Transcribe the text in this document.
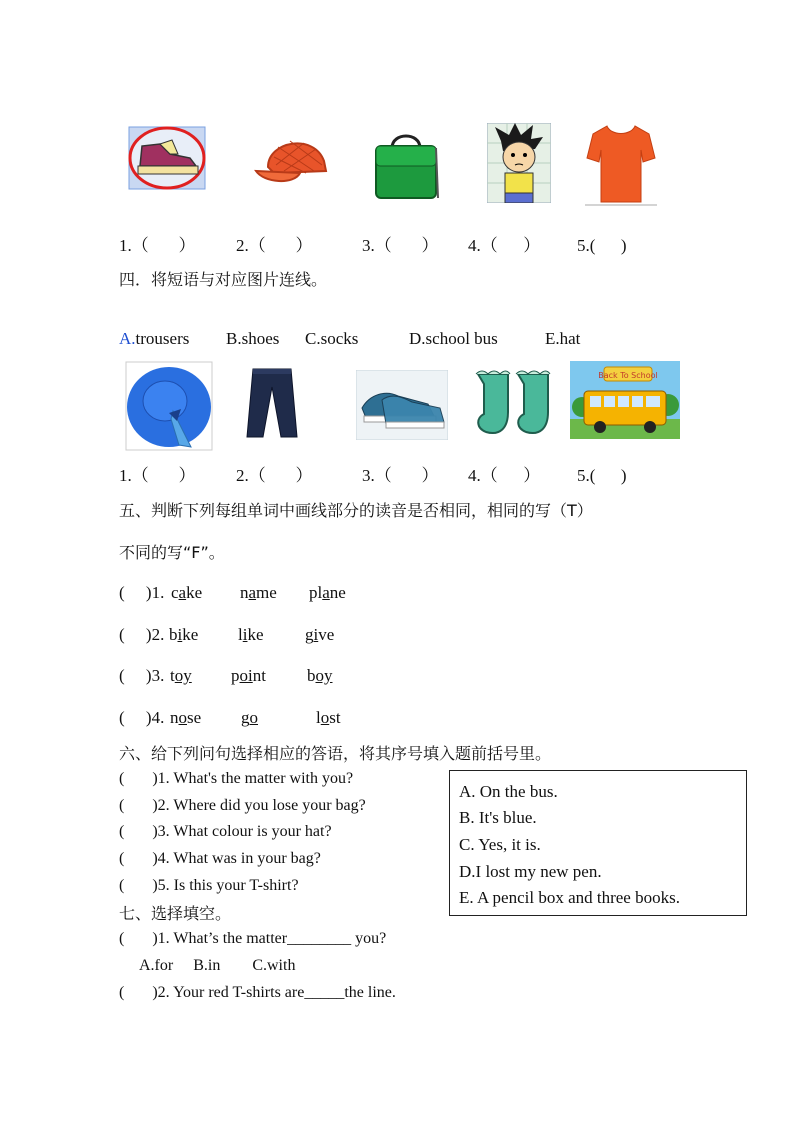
1.（ ） 2.（ ）	3.（ ） 4.（ ） 5.( )
四．将短语与对应图片连线。
A.trousers B.shoes C.socks	D.school bus	E.hat
Back To School
1.（ ） 2.（ ）	3.（ ） 4.（ ） 5.( )
五、判断下列每组单词中画线部分的读音是否相同，相同的写（T）
不同的写“F”。
(     )1. cake name plane
(     )2. bike like give
(     )3. toy point boy
(     )4. nose go	lost
六、给下列问句选择相应的答语，将其序号填入题前括号里。
(       )1. What's the matter with you?
(       )2. Where did you lose your bag?
(       )3. What colour is your hat?
(       )4. What was in your bag?
(       )5. Is this your T-shirt?
A. On the bus.
B. It's blue.
C. Yes, it is.
D.I lost my new pen.
E. A pencil box and three books.
七、选择填空。
(       )1. What’s the matter________ you?
A.for     B.in        C.with
(       )2. Your red T-shirts are_____the line.
